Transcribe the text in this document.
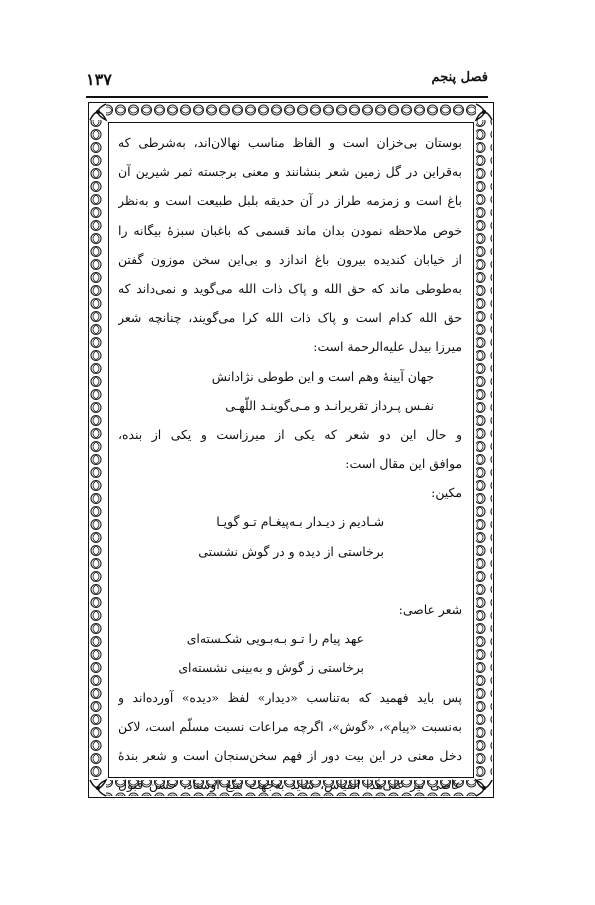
۱۳۷	فصل پنجم
بوستان بی‌خزان است و الفاظ مناسب نهالان‌اند، به‌شرطی که
به‌قراین در گل زمین شعر بنشانند و معنی برجسته ثمر شیرین آن
باغ است و زمزمه طراز در آن حدیقه بلبل طبیعت است و به‌نظر
خوص ملاحظه نمودن بدان ماند قسمی که باغبان سبزهٔ بیگانه را
از خیابان کندیده بیرون باغ اندازد و بی‌این سخن موزون گفتن
به‌طوطی ماند که حق الله و پاک ذات الله می‌گوید و نمی‌داند که
حق الله کدام است و پاک ذات الله کرا می‌گویند، چنانچه شعر
میرزا بیدل علیه‌الرحمة است:
جهان آیینهٔ وهم است و این طوطی نژادانش
نفـس پـرداز تقریرانـد و مـی‌گوینـد اللّهـی
و حال این دو شعر که یکی از میرزاست و یکی از بنده،
موافق این مقال است:
مکین:
شـادیم ز دیـدار بـه‌پیغـام تـو گویـا
برخاستی از دیده و در گوش نشستی
شعر عاصی:
عهد پیام را تـو بـه‌بـویی شکـسته‌ای
برخاستی ز گوش و به‌بینی نشسته‌ای
پس باید فهمید که به‌تناسب «دیدار» لفظ «دیده» آورده‌اند و
به‌نسبت «پیام»، «گوش»، اگرچه مراعات نسبت مسلّم است، لاکن
دخل معنی در این بیت دور از فهم سخن‌سنجان است و شعر بندهٔ
عاصی نیز علی‌هٰذا القیاس، شاید به‌جهت تتبّع اوستاد، حسن قبول
